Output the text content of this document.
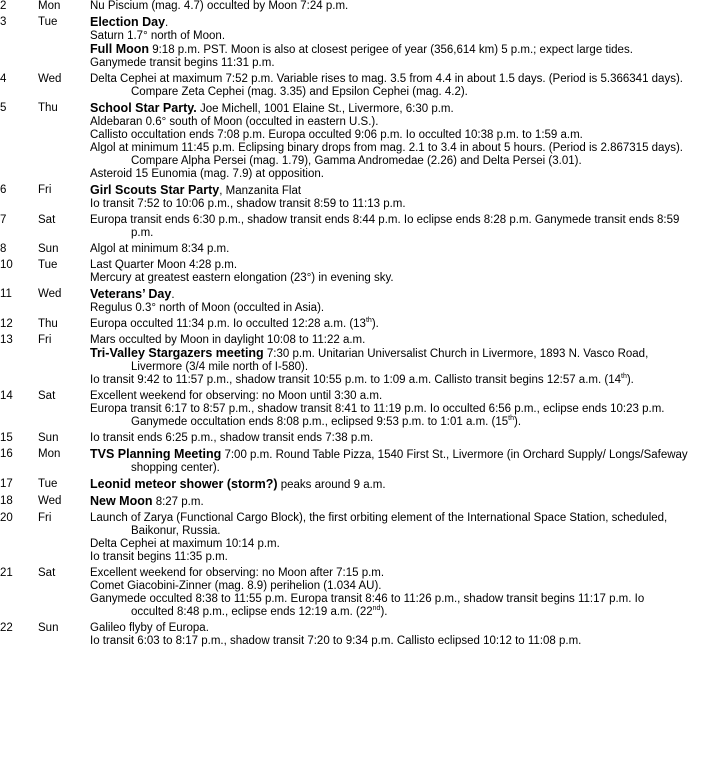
2	Mon	Nu Piscium (mag. 4.7) occulted by Moon 7:24 p.m.
3	Tue	Election Day.
Saturn 1.7° north of Moon.
Full Moon 9:18 p.m. PST. Moon is also at closest perigee of year (356,614 km) 5 p.m.; expect large tides.
Ganymede transit begins 11:31 p.m.
4	Wed	Delta Cephei at maximum 7:52 p.m. Variable rises to mag. 3.5 from 4.4 in about 1.5 days. (Period is 5.366341 days). Compare Zeta Cephei (mag. 3.35) and Epsilon Cephei (mag. 4.2).
5	Thu	School Star Party. Joe Michell, 1001 Elaine St., Livermore, 6:30 p.m.
Aldebaran 0.6° south of Moon (occulted in eastern U.S.).
Callisto occultation ends 7:08 p.m. Europa occulted 9:06 p.m. Io occulted 10:38 p.m. to 1:59 a.m.
Algol at minimum 11:45 p.m. Eclipsing binary drops from mag. 2.1 to 3.4 in about 5 hours. (Period is 2.867315 days). Compare Alpha Persei (mag. 1.79), Gamma Andromedae (2.26) and Delta Persei (3.01).
Asteroid 15 Eunomia (mag. 7.9) at opposition.
6	Fri	Girl Scouts Star Party, Manzanita Flat
Io transit 7:52 to 10:06 p.m., shadow transit 8:59 to 11:13 p.m.
7	Sat	Europa transit ends 6:30 p.m., shadow transit ends 8:44 p.m. Io eclipse ends 8:28 p.m. Ganymede transit ends 8:59 p.m.
8	Sun	Algol at minimum 8:34 p.m.
10	Tue	Last Quarter Moon 4:28 p.m.
Mercury at greatest eastern elongation (23°) in evening sky.
11	Wed	Veterans’ Day.
Regulus 0.3° north of Moon (occulted in Asia).
12	Thu	Europa occulted 11:34 p.m. Io occulted 12:28 a.m. (13th).
13	Fri	Mars occulted by Moon in daylight 10:08 to 11:22 a.m.
Tri-Valley Stargazers meeting 7:30 p.m. Unitarian Universalist Church in Livermore, 1893 N. Vasco Road, Livermore (3/4 mile north of I-580).
Io transit 9:42 to 11:57 p.m., shadow transit 10:55 p.m. to 1:09 a.m. Callisto transit begins 12:57 a.m. (14th).
14	Sat	Excellent weekend for observing: no Moon until 3:30 a.m.
Europa transit 6:17 to 8:57 p.m., shadow transit 8:41 to 11:19 p.m. Io occulted 6:56 p.m., eclipse ends 10:23 p.m. Ganymede occultation ends 8:08 p.m., eclipsed 9:53 p.m. to 1:01 a.m. (15th).
15	Sun	Io transit ends 6:25 p.m., shadow transit ends 7:38 p.m.
16	Mon	TVS Planning Meeting 7:00 p.m. Round Table Pizza, 1540 First St., Livermore (in Orchard Supply/ Longs/Safeway shopping center).
17	Tue	Leonid meteor shower (storm?) peaks around 9 a.m.
18	Wed	New Moon 8:27 p.m.
20	Fri	Launch of Zarya (Functional Cargo Block), the first orbiting element of the International Space Station, scheduled, Baikonur, Russia.
Delta Cephei at maximum 10:14 p.m.
Io transit begins 11:35 p.m.
21	Sat	Excellent weekend for observing: no Moon after 7:15 p.m.
Comet Giacobini-Zinner (mag. 8.9) perihelion (1.034 AU).
Ganymede occulted 8:38 to 11:55 p.m. Europa transit 8:46 to 11:26 p.m., shadow transit begins 11:17 p.m. Io occulted 8:48 p.m., eclipse ends 12:19 a.m. (22nd).
22	Sun	Galileo flyby of Europa.
Io transit 6:03 to 8:17 p.m., shadow transit 7:20 to 9:34 p.m. Callisto eclipsed 10:12 to 11:08 p.m.
